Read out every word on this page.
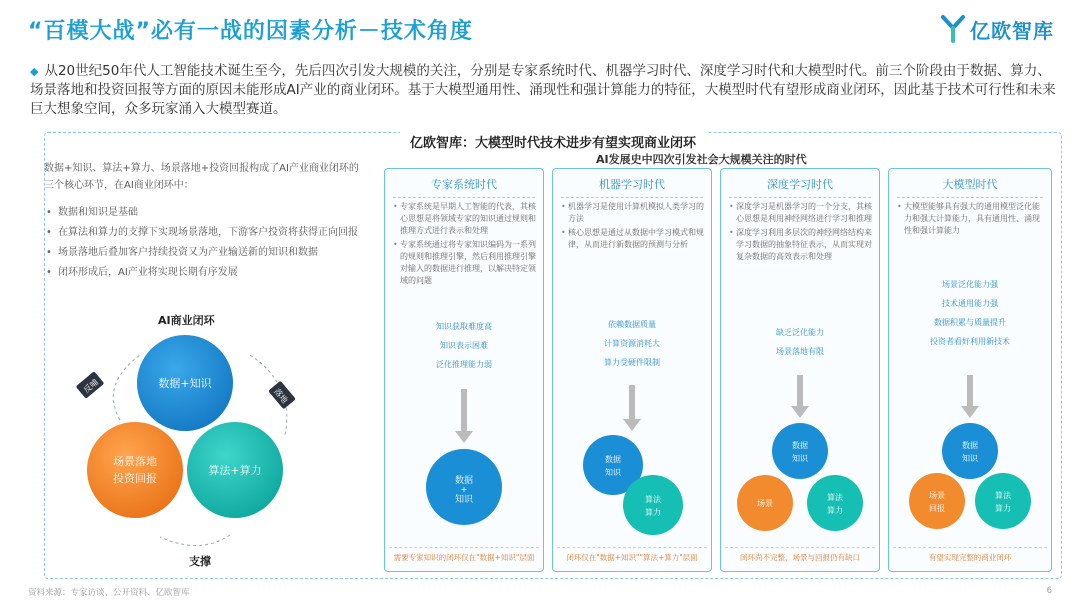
“百模大战”必有一战的因素分析－技术角度	亿欧智库
◆ 从20世纪50年代人工智能技术诞生至今，先后四次引发大规模的关注，分别是专家系统时代、机器学习时代、深度学习时代和大模型时代。前三个阶段由于数据、算力、场景落地和投资回报等方面的原因未能形成AI产业的商业闭环。基于大模型通用性、涌现性和强计算能力的特征，大模型时代有望形成商业闭环，因此基于技术可行性和未来巨大想象空间，众多玩家涌入大模型赛道。
亿欧智库：大模型时代技术进步有望实现商业闭环
AI发展史中四次引发社会大规模关注的时代
数据+知识、算法+算力、场景落地+投资回报构成了AI产业商业闭环的三个核心环节，在AI商业闭环中：
• 数据和知识是基础
• 在算法和算力的支撑下实现场景落地，下游客户投资将获得正向回报
• 场景落地后叠加客户持续投资又为产业输送新的知识和数据
• 闭环形成后，AI产业将实现长期有序发展
AI商业闭环
数据+知识
场景落地
投资回报
算法+算力
反哺
落地
支撑
专家系统时代
• 专家系统是早期人工智能的代表，其核心思想是将领域专家的知识通过规则和推理方式进行表示和处理
• 专家系统通过将专家知识编码为一系列的规则和推理引擎，然后利用推理引擎对输入的数据进行推理，以解决特定领域的问题
知识获取难度高
知识表示困难
泛化推理能力弱
数据
+
知识
需要专家知识的闭环仅在"数据+知识"层面
机器学习时代
• 机器学习是使用计算机模拟人类学习的方法
• 核心思想是通过从数据中学习模式和规律，从而进行新数据的预测与分析
依赖数据质量
计算资源消耗大
算力受硬件限制
数据
知识
算法
算力
闭环仅在"数据+知识""算法+算力"层面
深度学习时代
• 深度学习是机器学习的一个分支，其核心思想是利用神经网络进行学习和推理
• 深度学习利用多层次的神经网络结构来学习数据的抽象特征表示，从而实现对复杂数据的高效表示和处理
缺乏泛化能力
场景落地有限
数据
知识
场景
算法
算力
闭环尚不完整，场景与回报仍有缺口
大模型时代
• 大模型能够具有强大的通用模型泛化能力和强大计算能力，具有通用性、涌现性和强计算能力
场景泛化能力强
技术通用能力强
数据积累与质量提升
投资者看好利用新技术
数据
知识
场景
回报
算法
算力
有望实现完整的商业闭环
资料来源：专家访谈、公开资料、亿欧智库	6
